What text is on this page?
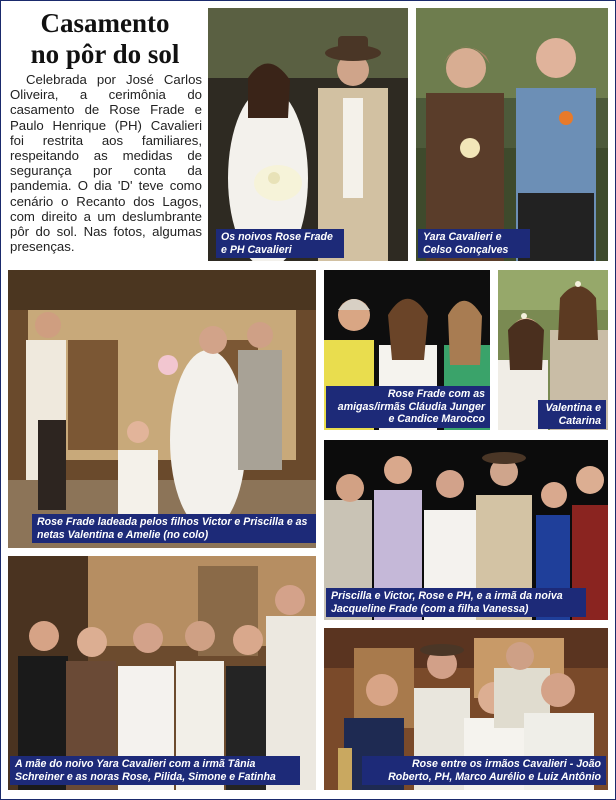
Casamento
no pôr do sol

Celebrada por José Carlos Oliveira, a cerimônia do casamento de Rose Frade e Paulo Henrique (PH) Cavalieri foi restrita aos familiares, respeitando as medidas de segurança por conta da pandemia. O dia 'D' teve como cenário o Recanto dos Lagos, com direito a um deslumbrante pôr do sol. Nas fotos, algumas presenças.

Os noivos Rose Frade e PH Cavalieri
Yara Cavalieri e Celso Gonçalves
Rose Frade ladeada pelos filhos Victor e Priscilla e as netas Valentina e Amelie (no colo)
Rose Frade com as amigas/irmãs Cláudia Junger e Candice Marocco
Valentina e Catarina
Priscilla e Victor, Rose e PH, e a irmã da noiva Jacqueline Frade (com a filha Vanessa)
A mãe do noivo Yara Cavalieri com a irmã Tânia Schreiner e as noras Rose, Pilida, Simone e Fatinha
Rose entre os irmãos Cavalieri - João Roberto, PH, Marco Aurélio e Luiz Antônio
